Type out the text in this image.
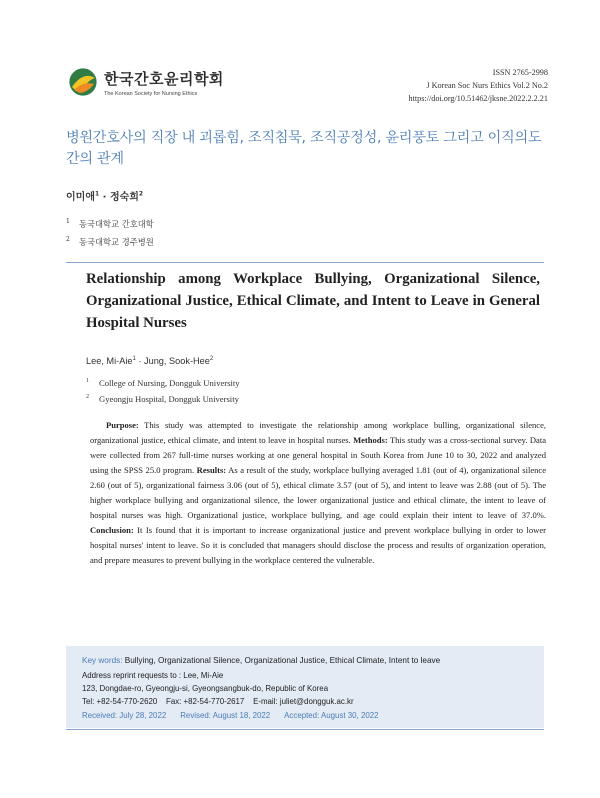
한국간호윤리학회
The Korean Society for Nursing Ethics
ISSN 2765-2998
J Korean Soc Nurs Ethics Vol.2 No.2
https://doi.org/10.51462/jksne.2022.2.2.21
병원간호사의 직장 내 괴롭힘, 조직침묵, 조직공정성, 윤리풍토 그리고 이직의도 간의 관계
이미애$^1$ · 정숙희$^2$
$^1$ 동국대학교 간호대학
$^2$ 동국대학교 경주병원
Relationship among Workplace Bullying, Organizational Silence, Organizational Justice, Ethical Climate, and Intent to Leave in General Hospital Nurses
Lee, Mi-Aie$^1$ · Jung, Sook-Hee$^2$
$^1$ College of Nursing, Dongguk University
$^2$ Gyeongju Hospital, Dongguk University
Purpose: This study was attempted to investigate the relationship among workplace bulling, organizational silence, organizational justice, ethical climate, and intent to leave in hospital nurses. Methods: This study was a cross-sectional survey. Data were collected from 267 full-time nurses working at one general hospital in South Korea from June 10 to 30, 2022 and analyzed using the SPSS 25.0 program. Results: As a result of the study, workplace bullying averaged 1.81 (out of 4), organizational silence 2.60 (out of 5), organizational fairness 3.06 (out of 5), ethical climate 3.57 (out of 5), and intent to leave was 2.88 (out of 5). The higher workplace bullying and organizational silence, the lower organizational justice and ethical climate, the intent to leave of hospital nurses was high. Organizational justice, workplace bullying, and age could explain their intent to leave of 37.0%. Conclusion: It Is found that it is important to increase organizational justice and prevent workplace bullying in order to lower hospital nurses' intent to leave. So it is concluded that managers should disclose the process and results of organization operation, and prepare measures to prevent bullying in the workplace centered the vulnerable.
Key words: Bullying, Organizational Silence, Organizational Justice, Ethical Climate, Intent to leave
Address reprint requests to : Lee, Mi-Aie
123, Dongdae-ro, Gyeongju-si, Gyeongsangbuk-do, Republic of Korea
Tel: +82-54-770-2620    Fax: +82-54-770-2617    E-mail: juliet@dongguk.ac.kr
Received: July 28, 2022 Revised: August 18, 2022 Accepted: August 30, 2022
